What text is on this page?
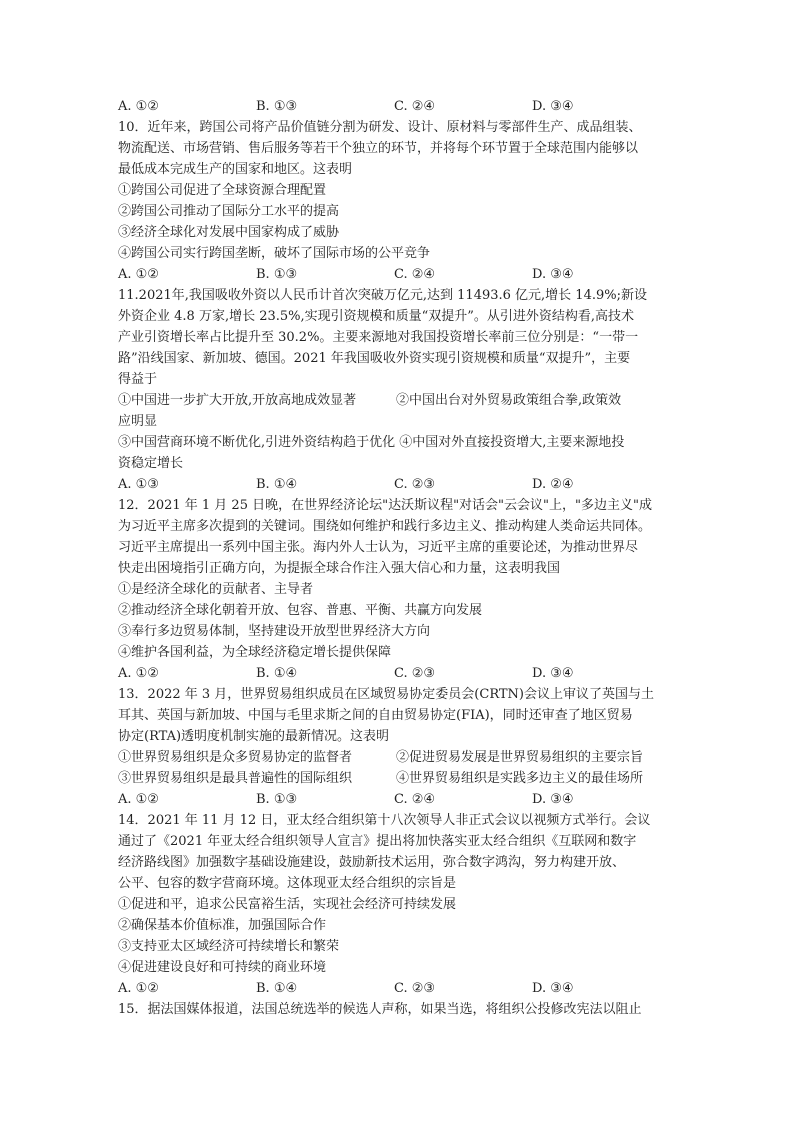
A. ①②	B. ①③	C. ②④	D. ③④
10．近年来，跨国公司将产品价值链分割为研发、设计、原材料与零部件生产、成品组装、
物流配送、市场营销、售后服务等若干个独立的环节，并将每个环节置于全球范围内能够以
最低成本完成生产的国家和地区。这表明
①跨国公司促进了全球资源合理配置
②跨国公司推动了国际分工水平的提高
③经济全球化对发展中国家构成了威胁
④跨国公司实行跨国垄断，破坏了国际市场的公平竞争
A. ①②	B. ①③	C. ②④	D. ③④
11.2021年,我国吸收外资以人民币计首次突破万亿元,达到 11493.6 亿元,增长 14.9%;新设
外资企业 4.8 万家,增长 23.5%,实现引资规模和质量“双提升”。从引进外资结构看,高技术
产业引资增长率占比提升至 30.2%。主要来源地对我国投资增长率前三位分别是：“一带一
路”沿线国家、新加坡、德国。2021 年我国吸收外资实现引资规模和质量“双提升”，主要
得益于
①中国进一步扩大开放,开放高地成效显著	②中国出台对外贸易政策组合拳,政策效
应明显
③中国营商环境不断优化,引进外资结构趋于优化 ④中国对外直接投资增大,主要来源地投
资稳定增长
A. ①③	B. ①④	C. ②③	D. ②④
12．2021 年 1 月 25 日晚，在世界经济论坛"达沃斯议程"对话会"云会议"上，"多边主义"成
为习近平主席多次提到的关键词。围绕如何维护和践行多边主义、推动构建人类命运共同体。
习近平主席提出一系列中国主张。海内外人士认为，习近平主席的重要论述，为推动世界尽
快走出困境指引正确方向，为提振全球合作注入强大信心和力量，这表明我国
①是经济全球化的贡献者、主导者
②推动经济全球化朝着开放、包容、普惠、平衡、共赢方向发展
③奉行多边贸易体制，坚持建设开放型世界经济大方向
④维护各国利益，为全球经济稳定增长提供保障
A. ①②	B. ①④	C. ②③	D. ③④
13．2022 年 3 月，世界贸易组织成员在区域贸易协定委员会(CRTN)会议上审议了英国与土
耳其、英国与新加坡、中国与毛里求斯之间的自由贸易协定(FIA)，同时还审查了地区贸易
协定(RTA)透明度机制实施的最新情况。这表明
①世界贸易组织是众多贸易协定的监督者	②促进贸易发展是世界贸易组织的主要宗旨
③世界贸易组织是最具普遍性的国际组织	④世界贸易组织是实践多边主义的最佳场所
A. ①②	B. ①③	C. ②④	D. ③④
14．2021 年 11 月 12 日，亚太经合组织第十八次领导人非正式会议以视频方式举行。会议
通过了《2021 年亚太经合组织领导人宣言》提出将加快落实亚太经合组织《互联网和数字
经济路线图》加强数字基础设施建设，鼓励新技术运用，弥合数字鸿沟，努力构建开放、
公平、包容的数字营商环境。这体现亚太经合组织的宗旨是
①促进和平，追求公民富裕生活，实现社会经济可持续发展
②确保基本价值标准，加强国际合作
③支持亚太区域经济可持续增长和繁荣
④促进建设良好和可持续的商业环境
A. ①②	B. ①④	C. ②③	D. ③④
15．据法国媒体报道，法国总统选举的候选人声称，如果当选，将组织公投修改宪法以阻止
